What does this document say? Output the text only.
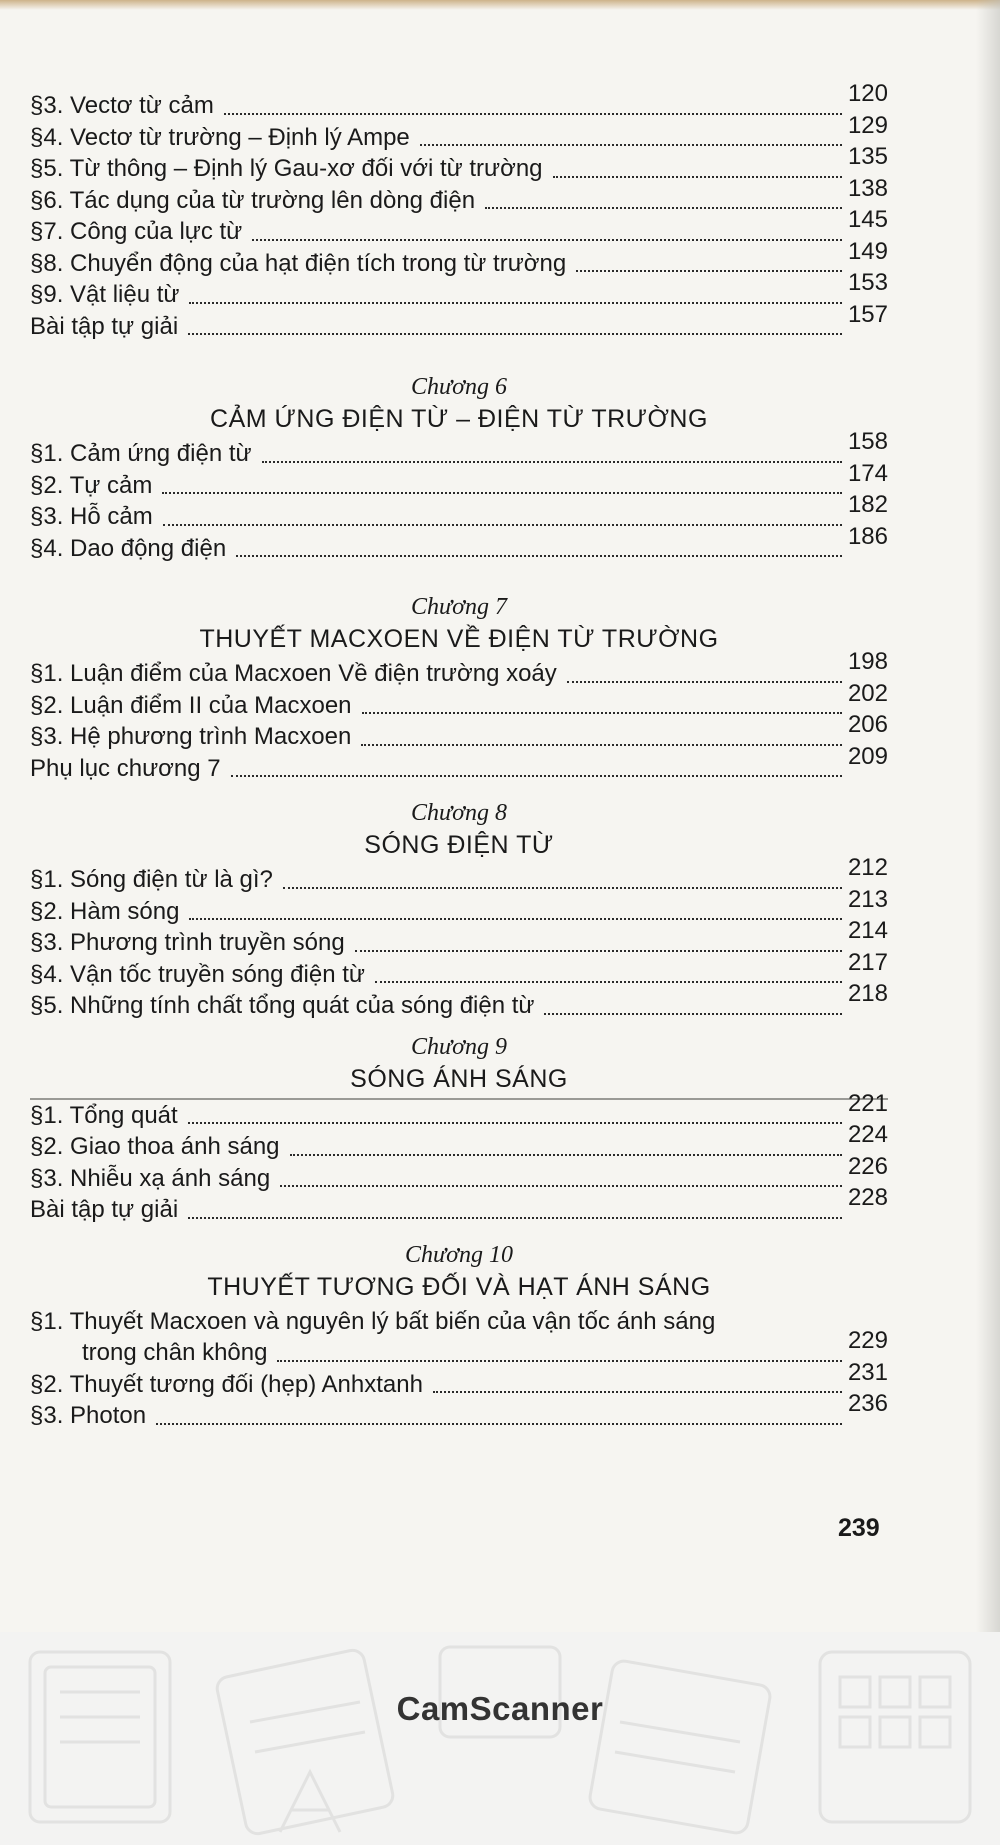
§3. Vectơ từ cảm	120
§4. Vectơ từ trường – Định lý Ampe	129
§5. Từ thông – Định lý Gau-xơ đối với từ trường	135
§6. Tác dụng của từ trường lên dòng điện	138
§7. Công của lực từ	145
§8. Chuyển động của hạt điện tích trong từ trường	149
§9. Vật liệu từ	153
Bài tập tự giải	157
Chương 6
CẢM ỨNG ĐIỆN TỪ – ĐIỆN TỪ TRƯỜNG
§1. Cảm ứng điện từ	158
§2. Tự cảm	174
§3. Hỗ cảm	182
§4. Dao động điện	186
Chương 7
THUYẾT MACXOEN VỀ ĐIỆN TỪ TRƯỜNG
§1. Luận điểm của Macxoen Về điện trường xoáy	198
§2. Luận điểm II của Macxoen	202
§3. Hệ phương trình Macxoen	206
Phụ lục chương 7	209
Chương 8
SÓNG ĐIỆN TỪ
§1. Sóng điện từ là gì?	212
§2. Hàm sóng	213
§3. Phương trình truyền sóng	214
§4. Vận tốc truyền sóng điện từ	217
§5. Những tính chất tổng quát của sóng điện từ	218
Chương 9
SÓNG ÁNH SÁNG
§1. Tổng quát	221
§2. Giao thoa ánh sáng	224
§3. Nhiễu xạ ánh sáng	226
Bài tập tự giải	228
Chương 10
THUYẾT TƯƠNG ĐỐI VÀ HẠT ÁNH SÁNG
§1. Thuyết Macxoen và nguyên lý bất biến của vận tốc ánh sáng
trong chân không	229
§2. Thuyết tương đối (hẹp) Anhxtanh	231
§3. Photon	236
239
CamScanner
